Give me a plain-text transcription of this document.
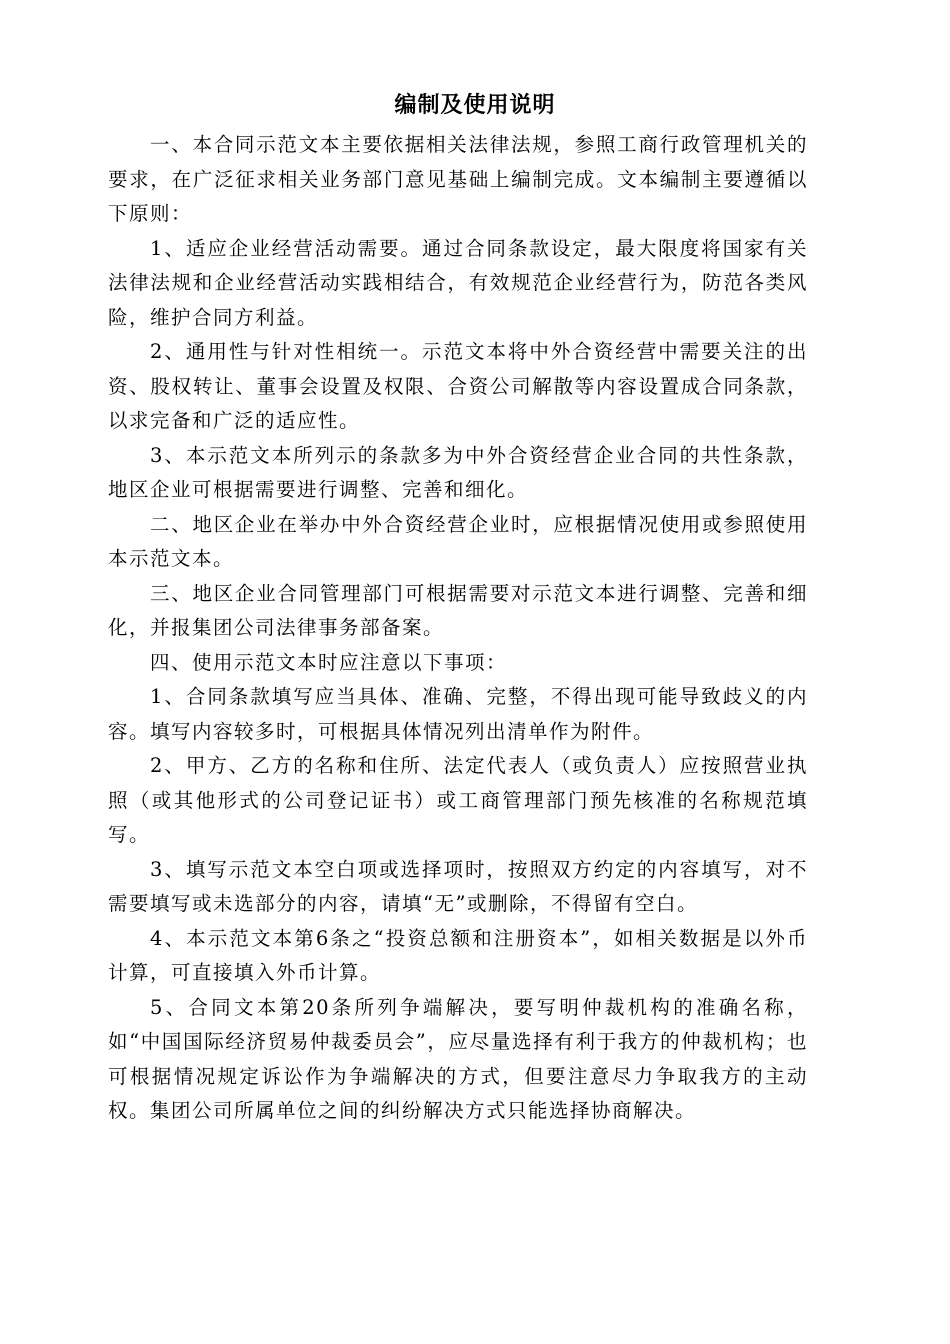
编制及使用说明

一、本合同示范文本主要依据相关法律法规，参照工商行政管理机关的要求，在广泛征求相关业务部门意见基础上编制完成。文本编制主要遵循以下原则：

1、适应企业经营活动需要。通过合同条款设定，最大限度将国家有关法律法规和企业经营活动实践相结合，有效规范企业经营行为，防范各类风险，维护合同方利益。

2、通用性与针对性相统一。示范文本将中外合资经营中需要关注的出资、股权转让、董事会设置及权限、合资公司解散等内容设置成合同条款，以求完备和广泛的适应性。

3、本示范文本所列示的条款多为中外合资经营企业合同的共性条款，地区企业可根据需要进行调整、完善和细化。

二、地区企业在举办中外合资经营企业时，应根据情况使用或参照使用本示范文本。

三、地区企业合同管理部门可根据需要对示范文本进行调整、完善和细化，并报集团公司法律事务部备案。

四、使用示范文本时应注意以下事项：

1、合同条款填写应当具体、准确、完整，不得出现可能导致歧义的内容。填写内容较多时，可根据具体情况列出清单作为附件。

2、甲方、乙方的名称和住所、法定代表人（或负责人）应按照营业执照（或其他形式的公司登记证书）或工商管理部门预先核准的名称规范填写。

3、填写示范文本空白项或选择项时，按照双方约定的内容填写，对不需要填写或未选部分的内容，请填“无”或删除，不得留有空白。

4、本示范文本第6条之“投资总额和注册资本”，如相关数据是以外币计算，可直接填入外币计算。

5、合同文本第20条所列争端解决，要写明仲裁机构的准确名称，如“中国国际经济贸易仲裁委员会”，应尽量选择有利于我方的仲裁机构；也可根据情况规定诉讼作为争端解决的方式，但要注意尽力争取我方的主动权。集团公司所属单位之间的纠纷解决方式只能选择协商解决。
